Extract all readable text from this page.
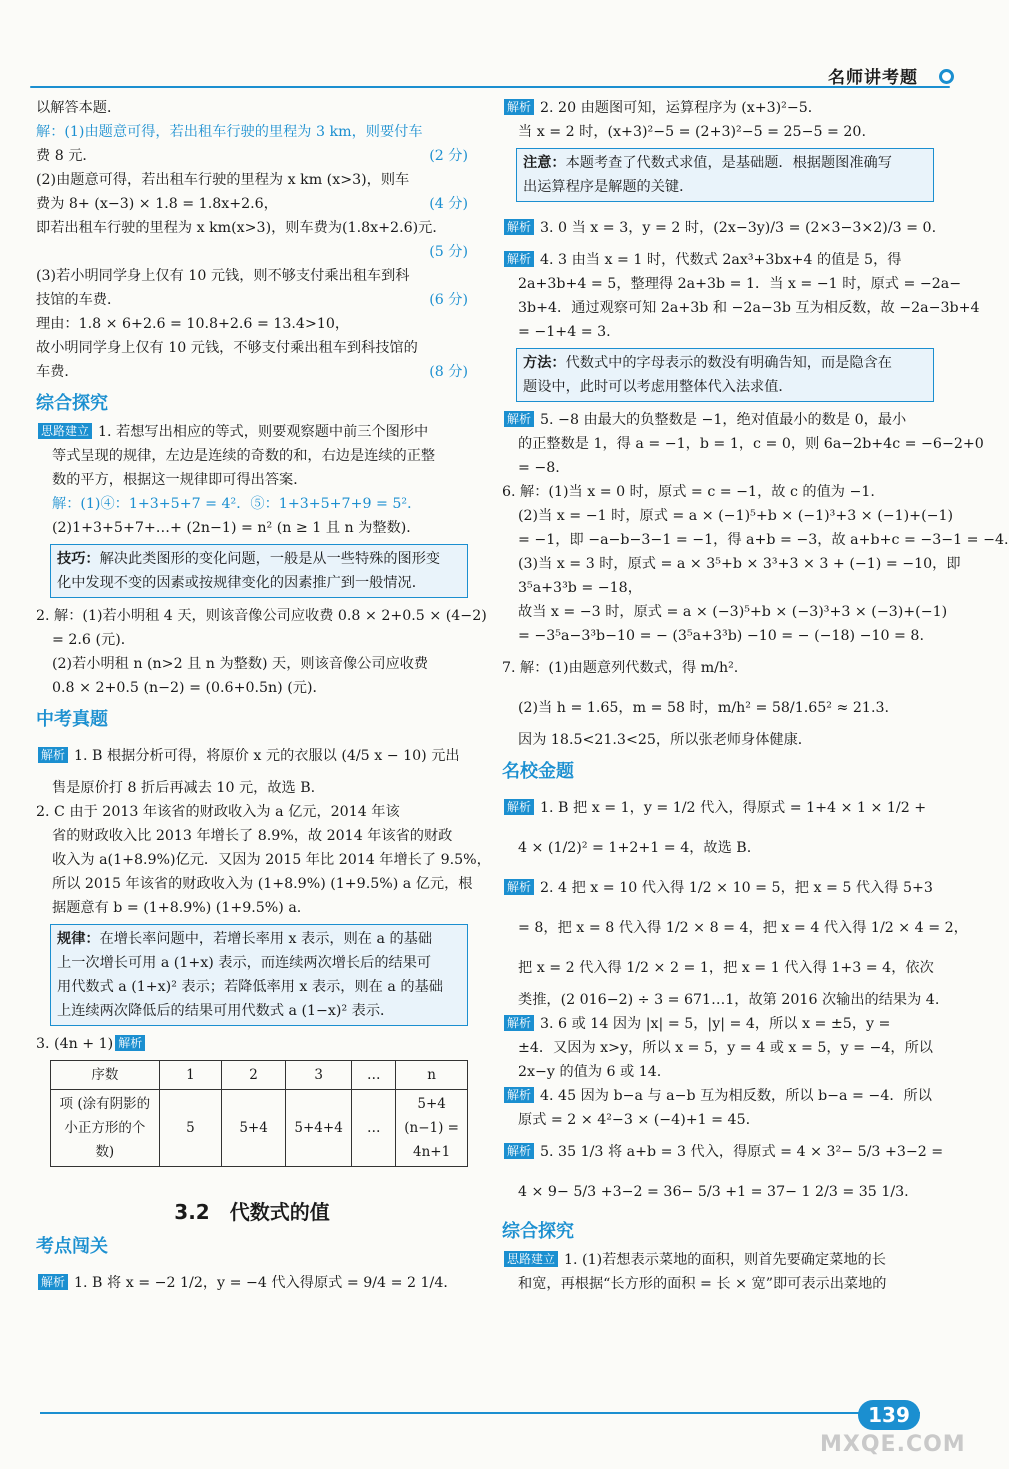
名师讲考题
以解答本题．
解：(1)由题意可得，若出租车行驶的里程为 3 km，则要付车
费 8 元．	(2 分)
(2)由题意可得，若出租车行驶的里程为 x km (x>3)，则车
费为 8+ (x−3) × 1.8 = 1.8x+2.6，	(4 分)
即若出租车行驶的里程为 x km(x>3)，则车费为(1.8x+2.6)元．
(5 分)
(3)若小明同学身上仅有 10 元钱，则不够支付乘出租车到科
技馆的车费．	(6 分)
理由：1.8 × 6+2.6 = 10.8+2.6 = 13.4>10，
故小明同学身上仅有 10 元钱，不够支付乘出租车到科技馆的
车费．	(8 分)
综合探究
思路建立 1. 若想写出相应的等式，则要观察题中前三个图形中
等式呈现的规律，左边是连续的奇数的和，右边是连续的正整
数的平方，根据这一规律即可得出答案．
解：(1)④：1+3+5+7 = 4²．⑤：1+3+5+7+9 = 5²．
(2)1+3+5+7+…+ (2n−1) = n² (n ≥ 1 且 n 为整数)．
技巧：解决此类图形的变化问题，一般是从一些特殊的图形变
化中发现不变的因素或按规律变化的因素推广到一般情况．
2. 解：(1)若小明租 4 天，则该音像公司应收费 0.8 × 2+0.5 × (4−2)
= 2.6 (元)．
(2)若小明租 n (n>2 且 n 为整数) 天，则该音像公司应收费
0.8 × 2+0.5 (n−2) = (0.6+0.5n) (元)．
中考真题
解析 1. B 根据分析可得，将原价 x 元的衣服以 (4/5 x − 10) 元出
售是原价打 8 折后再减去 10 元，故选 B.
2. C 由于 2013 年该省的财政收入为 a 亿元，2014 年该
省的财政收入比 2013 年增长了 8.9%，故 2014 年该省的财政
收入为 a(1+8.9%)亿元．又因为 2015 年比 2014 年增长了 9.5%，
所以 2015 年该省的财政收入为 (1+8.9%) (1+9.5%) a 亿元，根
据题意有 b = (1+8.9%) (1+9.5%) a.
规律：在增长率问题中，若增长率用 x 表示，则在 a 的基础
上一次增长可用 a (1+x) 表示，而连续两次增长后的结果可
用代数式 a (1+x)² 表示；若降低率用 x 表示，则在 a 的基础
上连续两次降低后的结果可用代数式 a (1−x)² 表示．
3. (4n + 1) 解析
序数	1	2	3	…	n
项 (涂有阴影的小正方形的个数)	5	5+4	5+4+4	…	5+4 (n−1) = 4n+1
3.2　代数式的值
考点闯关
解析 1. B 将 x = −2 1/2，y = −4 代入得原式 = 9/4 = 2 1/4．
解析 2. 20 由题图可知，运算程序为 (x+3)²−5．
当 x = 2 时，(x+3)²−5 = (2+3)²−5 = 25−5 = 20.
注意：本题考查了代数式求值，是基础题．根据题图准确写
出运算程序是解题的关键．
解析 3. 0 当 x = 3，y = 2 时，(2x−3y)/3 = (2×3−3×2)/3 = 0.
解析 4. 3 由当 x = 1 时，代数式 2ax³+3bx+4 的值是 5，得
2a+3b+4 = 5，整理得 2a+3b = 1．当 x = −1 时，原式 = −2a−
3b+4．通过观察可知 2a+3b 和 −2a−3b 互为相反数，故 −2a−3b+4
= −1+4 = 3.
方法：代数式中的字母表示的数没有明确告知，而是隐含在
题设中，此时可以考虑用整体代入法求值．
解析 5. −8 由最大的负整数是 −1，绝对值最小的数是 0，最小
的正整数是 1，得 a = −1，b = 1，c = 0，则 6a−2b+4c = −6−2+0
= −8.
6. 解：(1)当 x = 0 时，原式 = c = −1，故 c 的值为 −1.
(2)当 x = −1 时，原式 = a × (−1)⁵+b × (−1)³+3 × (−1)+(−1)
= −1，即 −a−b−3−1 = −1，得 a+b = −3，故 a+b+c = −3−1 = −4.
(3)当 x = 3 时，原式 = a × 3⁵+b × 3³+3 × 3 + (−1) = −10，即
3⁵a+3³b = −18，
故当 x = −3 时，原式 = a × (−3)⁵+b × (−3)³+3 × (−3)+(−1)
= −3⁵a−3³b−10 = − (3⁵a+3³b) −10 = − (−18) −10 = 8.
7. 解：(1)由题意列代数式，得 m/h².
(2)当 h = 1.65，m = 58 时，m/h² = 58/1.65² ≈ 21.3.
因为 18.5<21.3<25，所以张老师身体健康．
名校金题
解析 1. B 把 x = 1，y = 1/2 代入，得原式 = 1+4 × 1 × 1/2 +
4 × (1/2)² = 1+2+1 = 4，故选 B.
解析 2. 4 把 x = 10 代入得 1/2 × 10 = 5，把 x = 5 代入得 5+3
= 8，把 x = 8 代入得 1/2 × 8 = 4，把 x = 4 代入得 1/2 × 4 = 2，
把 x = 2 代入得 1/2 × 2 = 1，把 x = 1 代入得 1+3 = 4，依次
类推，(2 016−2) ÷ 3 = 671…1，故第 2016 次输出的结果为 4.
解析 3. 6 或 14 因为 |x| = 5，|y| = 4，所以 x = ±5，y =
±4．又因为 x>y，所以 x = 5，y = 4 或 x = 5，y = −4，所以
2x−y 的值为 6 或 14.
解析 4. 45 因为 b−a 与 a−b 互为相反数，所以 b−a = −4．所以
原式 = 2 × 4²−3 × (−4)+1 = 45.
解析 5. 35 1/3 将 a+b = 3 代入，得原式 = 4 × 3²− 5/3 +3−2 =
4 × 9− 5/3 +3−2 = 36− 5/3 +1 = 37− 1 2/3 = 35 1/3.
综合探究
思路建立 1. (1)若想表示菜地的面积，则首先要确定菜地的长
和宽，再根据“长方形的面积 = 长 × 宽”即可表示出菜地的
139
MXQE.COM
